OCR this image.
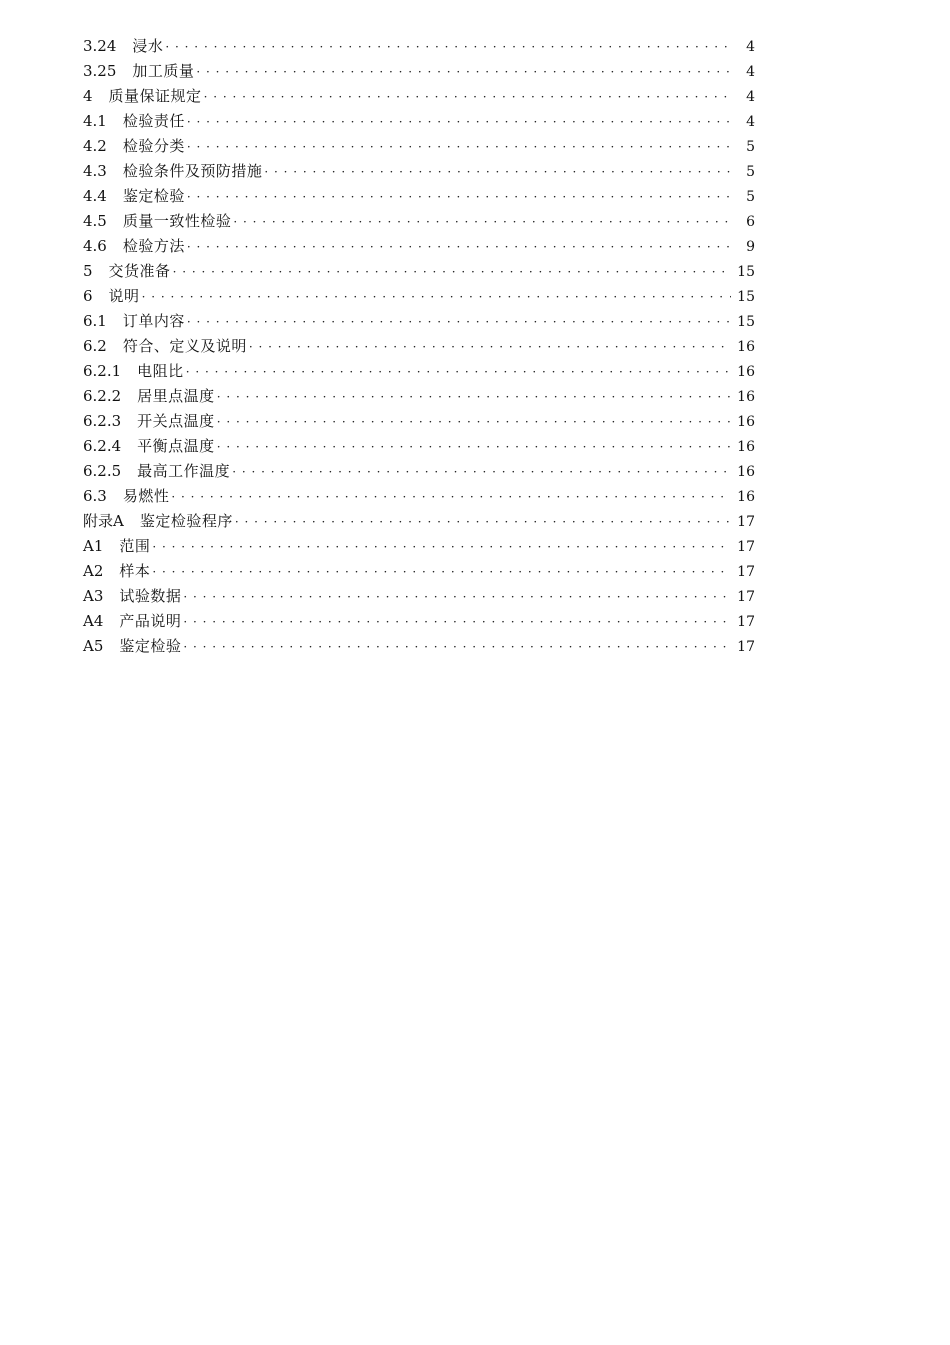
3.24 浸水 · · ·	4
3.25 加工质量 · · ·	4
4 质量保证规定 · · ·	4
4.1 检验责任 · · ·	4
4.2 检验分类 · · ·	5
4.3 检验条件及预防措施 · · ·	5
4.4 鉴定检验 · · ·	5
4.5 质量一致性检验 · · ·	6
4.6 检验方法 · · ·	9
5 交货准备 · · ·	15
6 说明 · · ·	15
6.1 订单内容 · · ·	15
6.2 符合、定义及说明 · · ·	16
6.2.1 电阻比 · · ·	16
6.2.2 居里点温度 · · ·	16
6.2.3 开关点温度 · · ·	16
6.2.4 平衡点温度 · · ·	16
6.2.5 最高工作温度 · · ·	16
6.3 易燃性 · · ·	16
附录A 鉴定检验程序 · · ·	17
A1 范围 · · ·	17
A2 样本 · · ·	17
A3 试验数据 · · ·	17
A4 产品说明 · · ·	17
A5 鉴定检验 · · ·	17
